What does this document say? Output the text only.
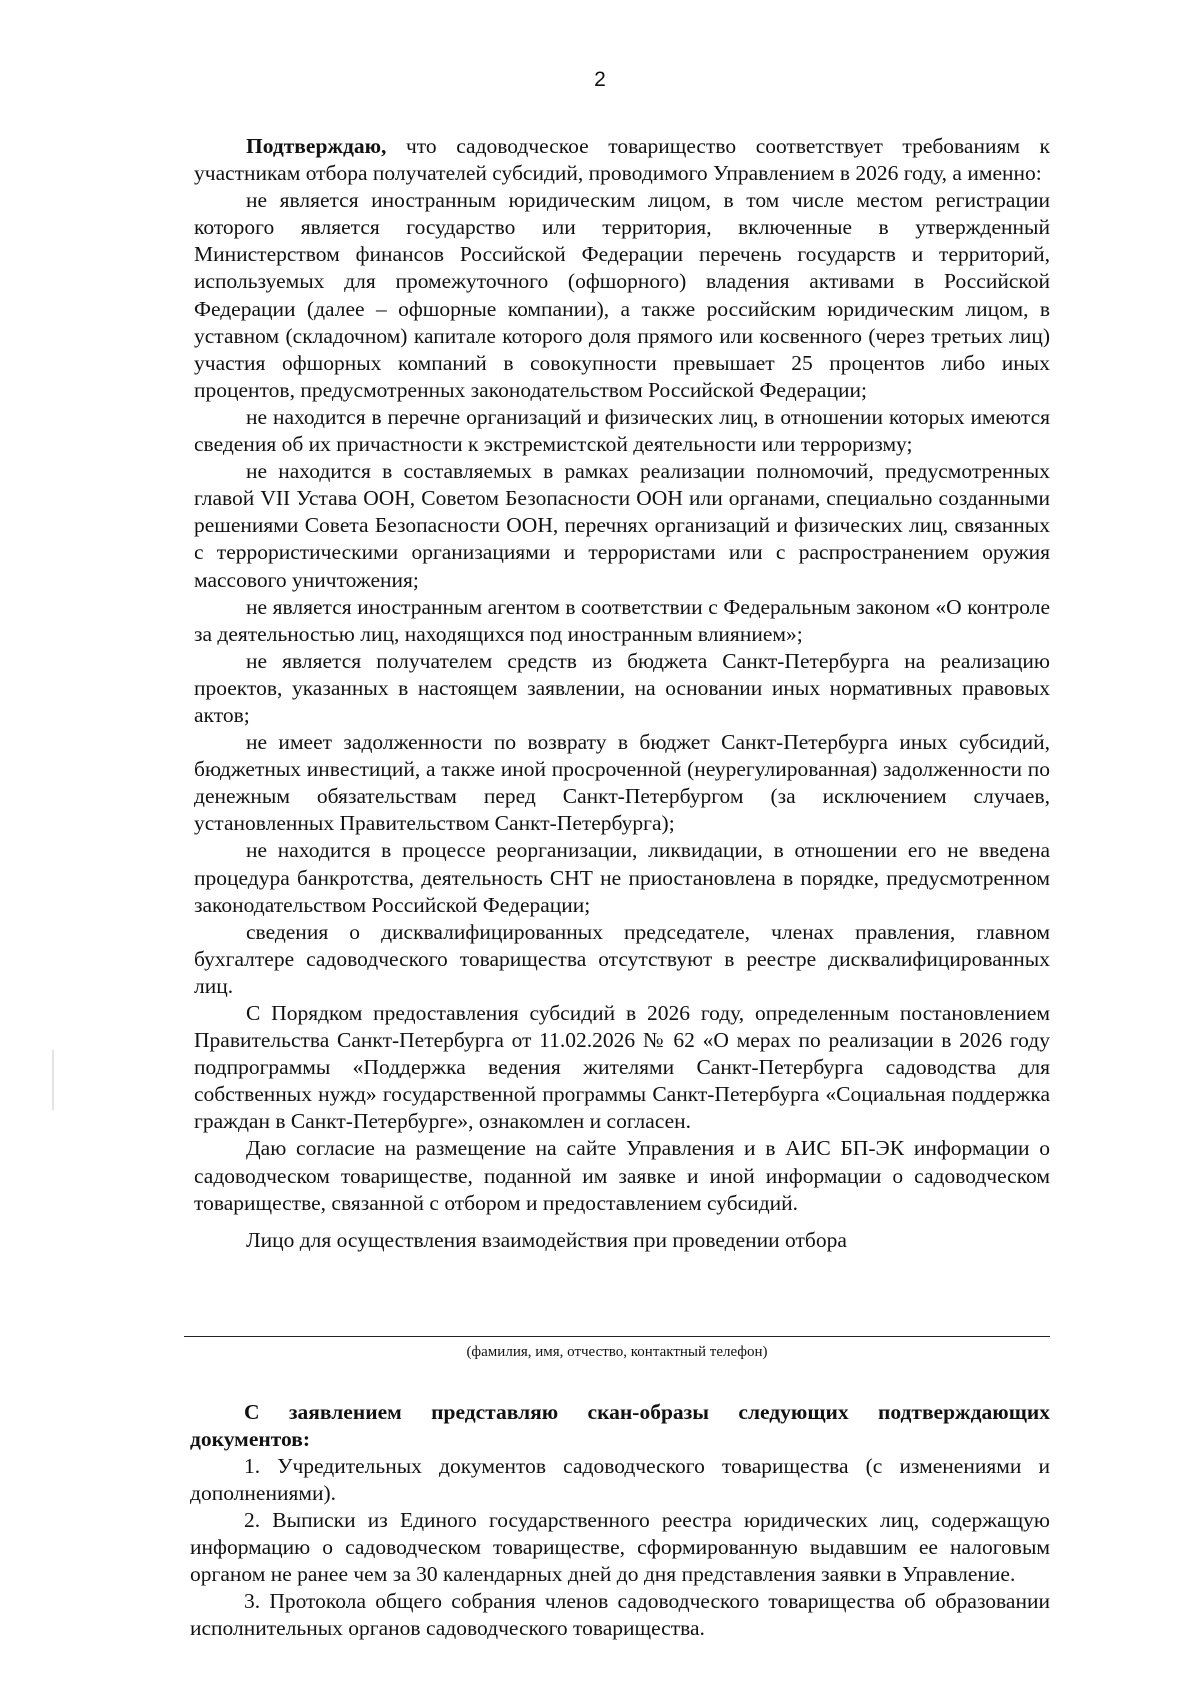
2

Подтверждаю, что садоводческое товарищество соответствует требованиям к участникам отбора получателей субсидий, проводимого Управлением в 2026 году, а именно:

не является иностранным юридическим лицом, в том числе местом регистрации которого является государство или территория, включенные в утвержденный Министерством финансов Российской Федерации перечень государств и территорий, используемых для промежуточного (офшорного) владения активами в Российской Федерации (далее – офшорные компании), а также российским юридическим лицом, в уставном (складочном) капитале которого доля прямого или косвенного (через третьих лиц) участия офшорных компаний в совокупности превышает 25 процентов либо иных процентов, предусмотренных законодательством Российской Федерации;

не находится в перечне организаций и физических лиц, в отношении которых имеются сведения об их причастности к экстремистской деятельности или терроризму;

не находится в составляемых в рамках реализации полномочий, предусмотренных главой VII Устава ООН, Советом Безопасности ООН или органами, специально созданными решениями Совета Безопасности ООН, перечнях организаций и физических лиц, связанных с террористическими организациями и террористами или с распространением оружия массового уничтожения;

не является иностранным агентом в соответствии с Федеральным законом «О контроле за деятельностью лиц, находящихся под иностранным влиянием»;

не является получателем средств из бюджета Санкт-Петербурга на реализацию проектов, указанных в настоящем заявлении, на основании иных нормативных правовых актов;

не имеет задолженности по возврату в бюджет Санкт-Петербурга иных субсидий, бюджетных инвестиций, а также иной просроченной (неурегулированная) задолженности по денежным обязательствам перед Санкт-Петербургом (за исключением случаев, установленных Правительством Санкт-Петербурга);

не находится в процессе реорганизации, ликвидации, в отношении его не введена процедура банкротства, деятельность СНТ не приостановлена в порядке, предусмотренном законодательством Российской Федерации;

сведения о дисквалифицированных председателе, членах правления, главном бухгалтере садоводческого товарищества отсутствуют в реестре дисквалифицированных лиц.

С Порядком предоставления субсидий в 2026 году, определенным постановлением Правительства Санкт-Петербурга от 11.02.2026 № 62 «О мерах по реализации в 2026 году подпрограммы «Поддержка ведения жителями Санкт-Петербурга садоводства для собственных нужд» государственной программы Санкт-Петербурга «Социальная поддержка граждан в Санкт-Петербурге», ознакомлен и согласен.

Даю согласие на размещение на сайте Управления и в АИС БП-ЭК информации о садоводческом товариществе, поданной им заявке и иной информации о садоводческом товариществе, связанной с отбором и предоставлением субсидий.

Лицо для осуществления взаимодействия при проведении отбора
(фамилия, имя, отчество, контактный телефон)

С заявлением представляю скан-образы следующих подтверждающих документов:

1. Учредительных документов садоводческого товарищества (с изменениями и дополнениями).

2. Выписки из Единого государственного реестра юридических лиц, содержащую информацию о садоводческом товариществе, сформированную выдавшим ее налоговым органом не ранее чем за 30 календарных дней до дня представления заявки в Управление.

3. Протокола общего собрания членов садоводческого товарищества об образовании исполнительных органов садоводческого товарищества.
